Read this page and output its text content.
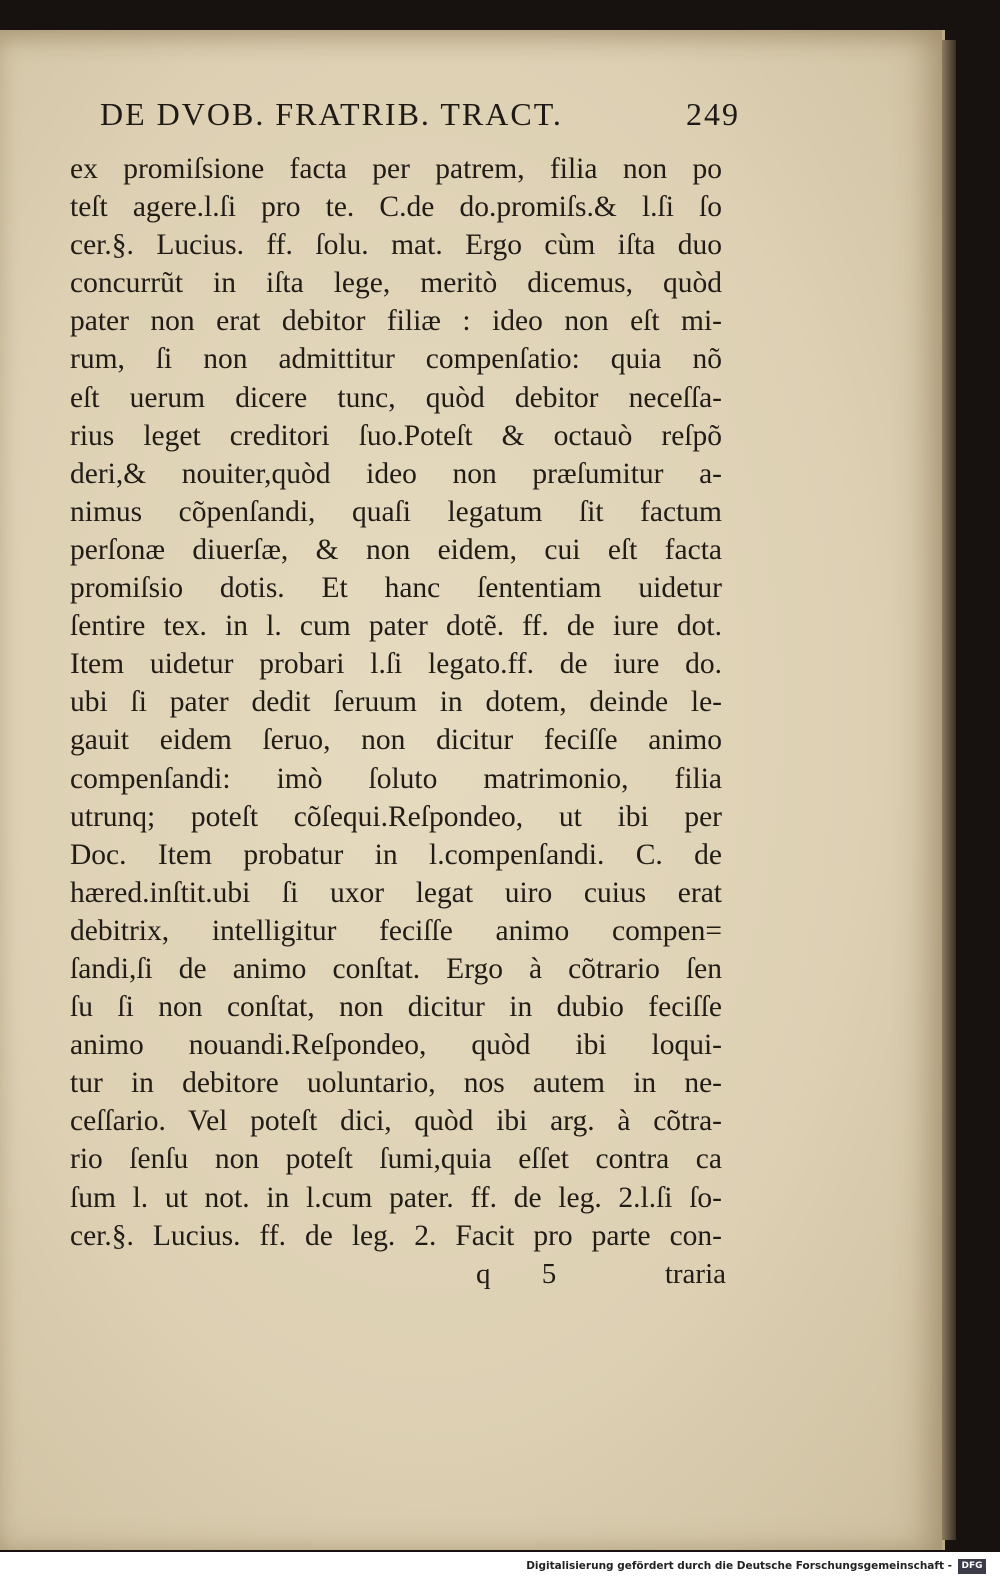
DE DVOB. FRATRIB. TRACT.	249
ex promiſsione facta per patrem, filia non po
teſt agere.l.ſi pro te. C.de do.promiſs.& l.ſi ſo
cer.§. Lucius. ff. ſolu. mat. Ergo cùm iſta duo
concurrũt in iſta lege, meritò dicemus, quòd
pater non erat debitor filiæ : ideo non eſt mi-
rum, ſi non admittitur compenſatio: quia nõ
eſt uerum dicere tunc, quòd debitor neceſſa-
rius leget creditori ſuo.Poteſt & octauò reſpõ
deri,& nouiter,quòd ideo non præſumitur a-
nimus cõpenſandi, quaſi legatum ſit factum
perſonæ diuerſæ, & non eidem, cui eſt facta
promiſsio dotis. Et hanc ſententiam uidetur
ſentire tex. in l. cum pater dotẽ. ff. de iure dot.
Item uidetur probari l.ſi legato.ff. de iure do.
ubi ſi pater dedit ſeruum in dotem, deinde le-
gauit eidem ſeruo, non dicitur feciſſe animo
compenſandi: imò ſoluto matrimonio, filia
utrunq; poteſt cõſequi.Reſpondeo, ut ibi per
Doc. Item probatur in l.compenſandi. C. de
hæred.inſtit.ubi ſi uxor legat uiro cuius erat
debitrix, intelligitur feciſſe animo compen=
ſandi,ſi de animo conſtat. Ergo à cõtrario ſen
ſu ſi non conſtat, non dicitur in dubio feciſſe
animo nouandi.Reſpondeo, quòd ibi loqui-
tur in debitore uoluntario, nos autem in ne-
ceſſario. Vel poteſt dici, quòd ibi arg. à cõtra-
rio ſenſu non poteſt ſumi,quia eſſet contra ca
ſum l. ut not. in l.cum pater. ff. de leg. 2.l.ſi ſo-
cer.§. Lucius. ff. de leg. 2. Facit pro parte con-
q 5	traria
Digitalisierung gefördert durch die Deutsche Forschungsgemeinschaft -	DFG
